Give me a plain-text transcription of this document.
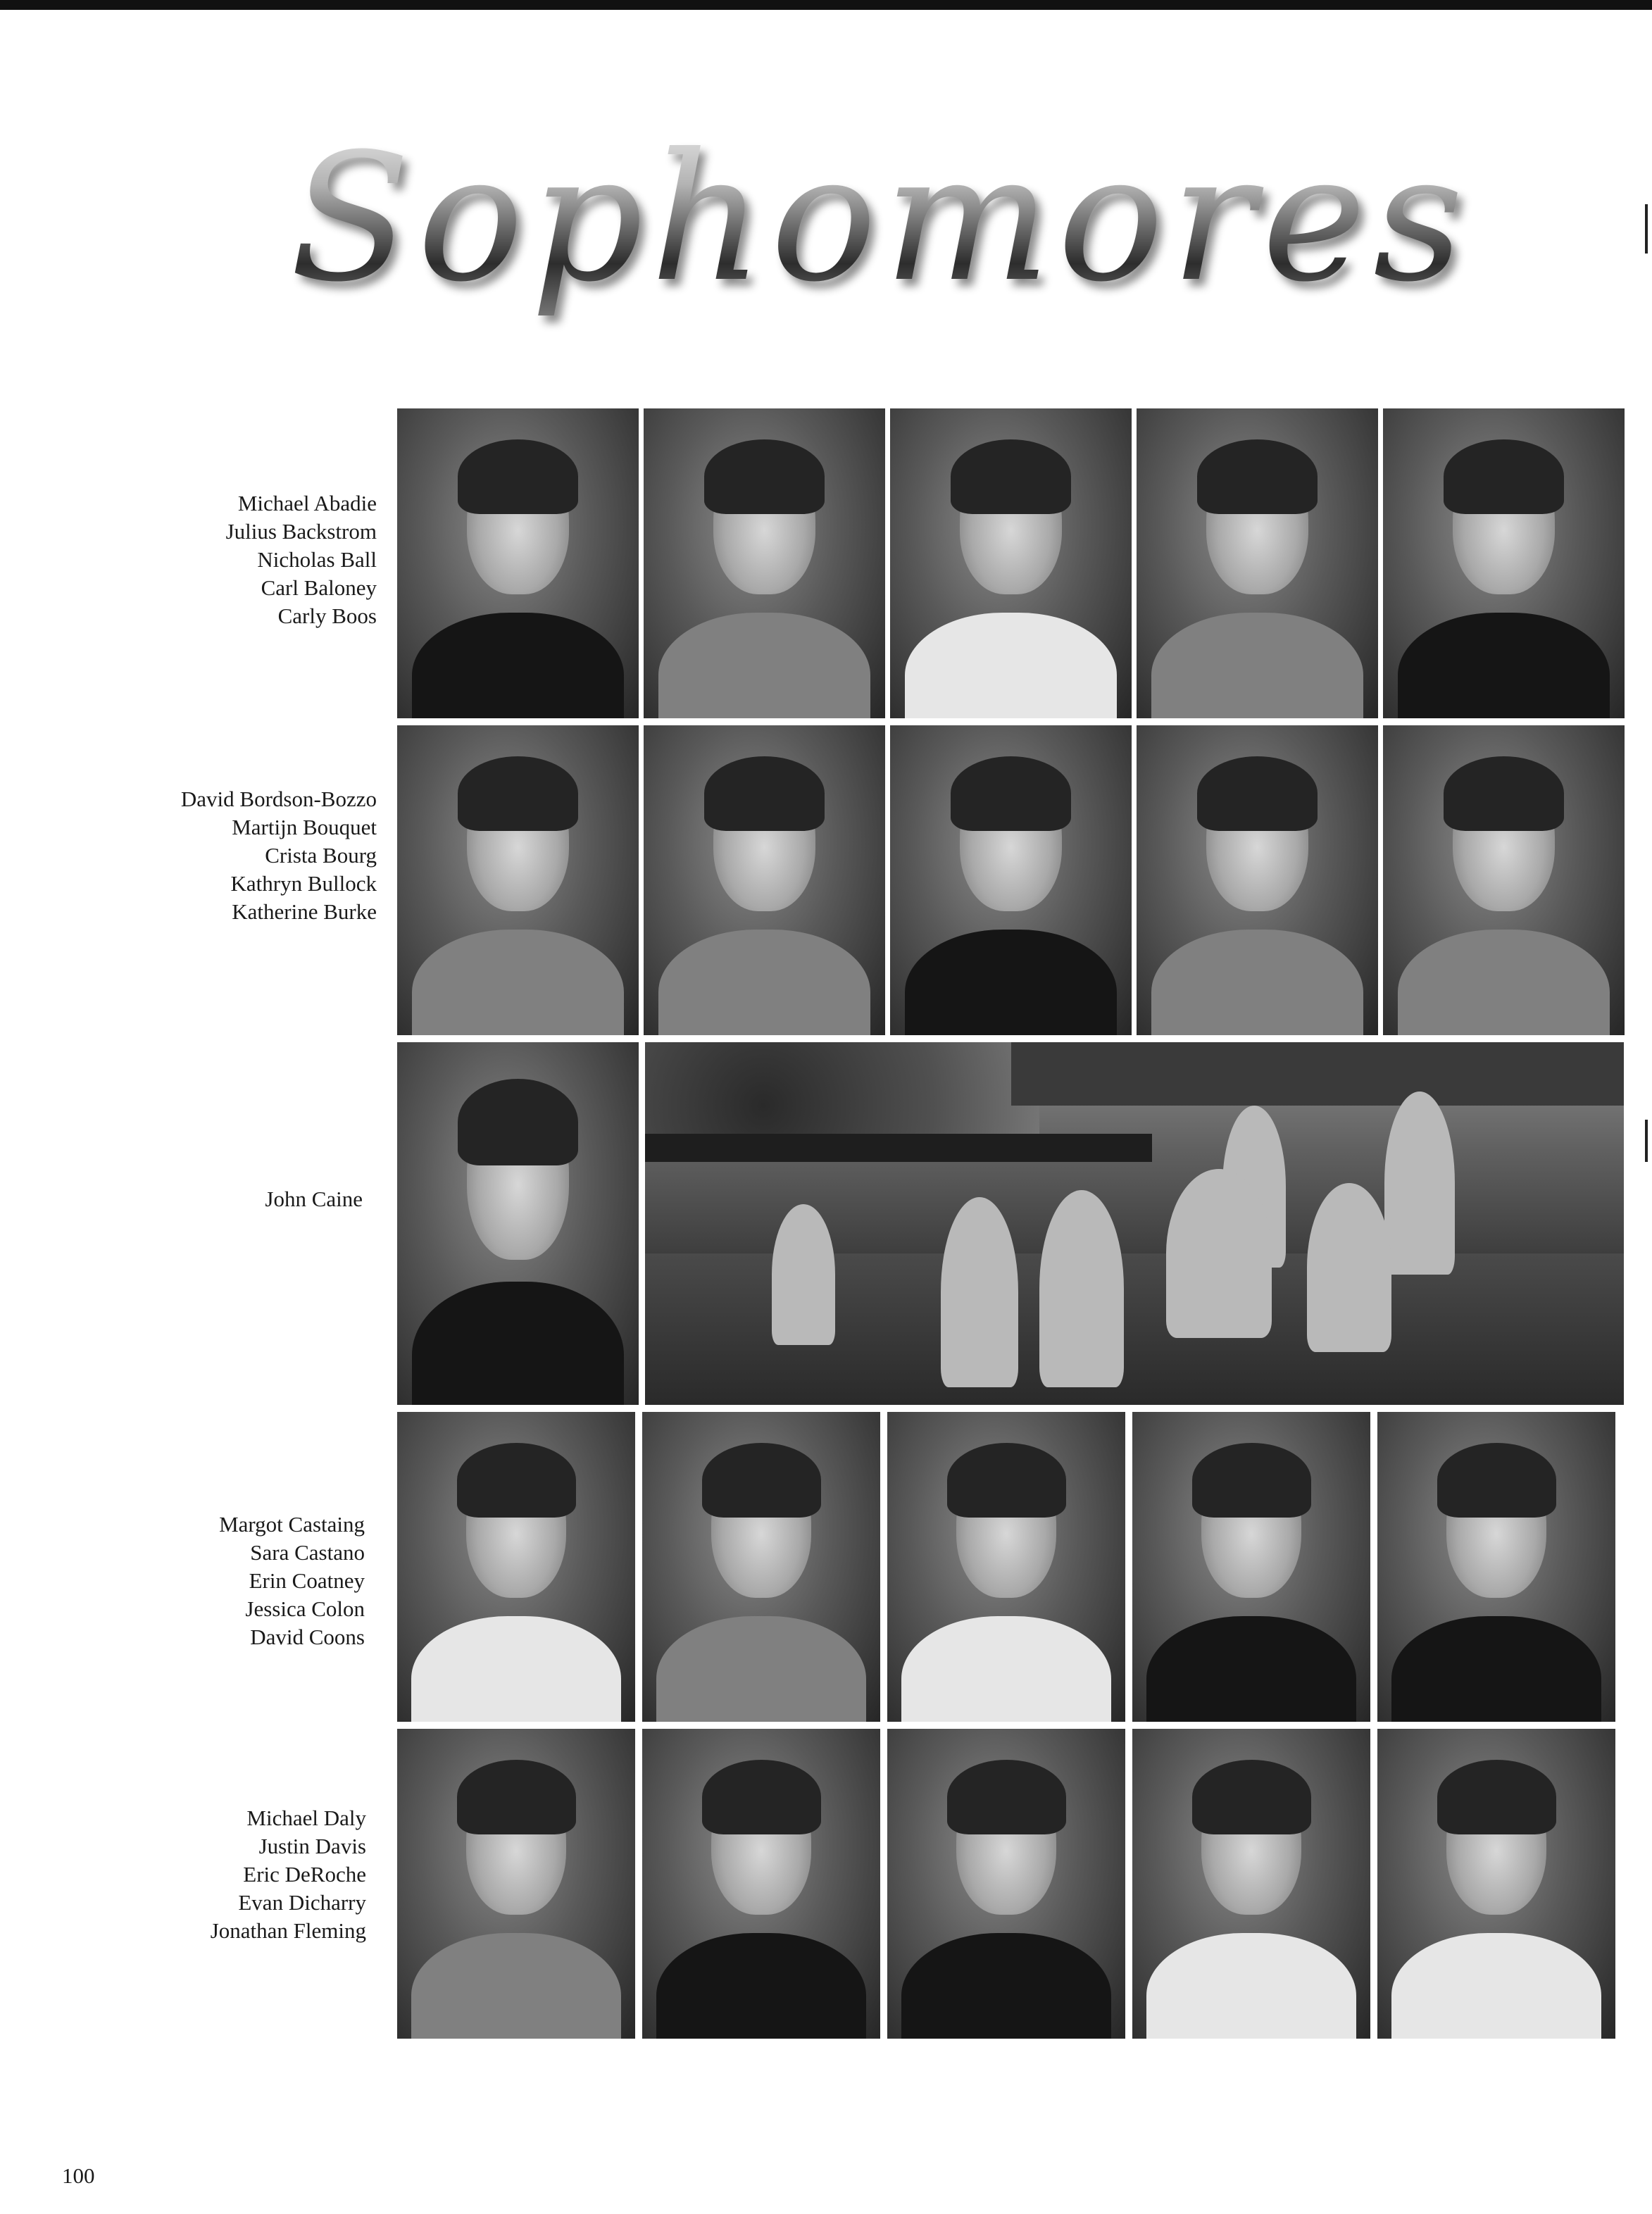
Sophomores
Michael Abadie
Julius Backstrom
Nicholas Ball
Carl Baloney
Carly Boos
David Bordson-Bozzo
Martijn Bouquet
Crista Bourg
Kathryn Bullock
Katherine Burke
John Caine
Margot Castaing
Sara Castano
Erin Coatney
Jessica Colon
David Coons
Michael Daly
Justin Davis
Eric DeRoche
Evan Dicharry
Jonathan Fleming
100
